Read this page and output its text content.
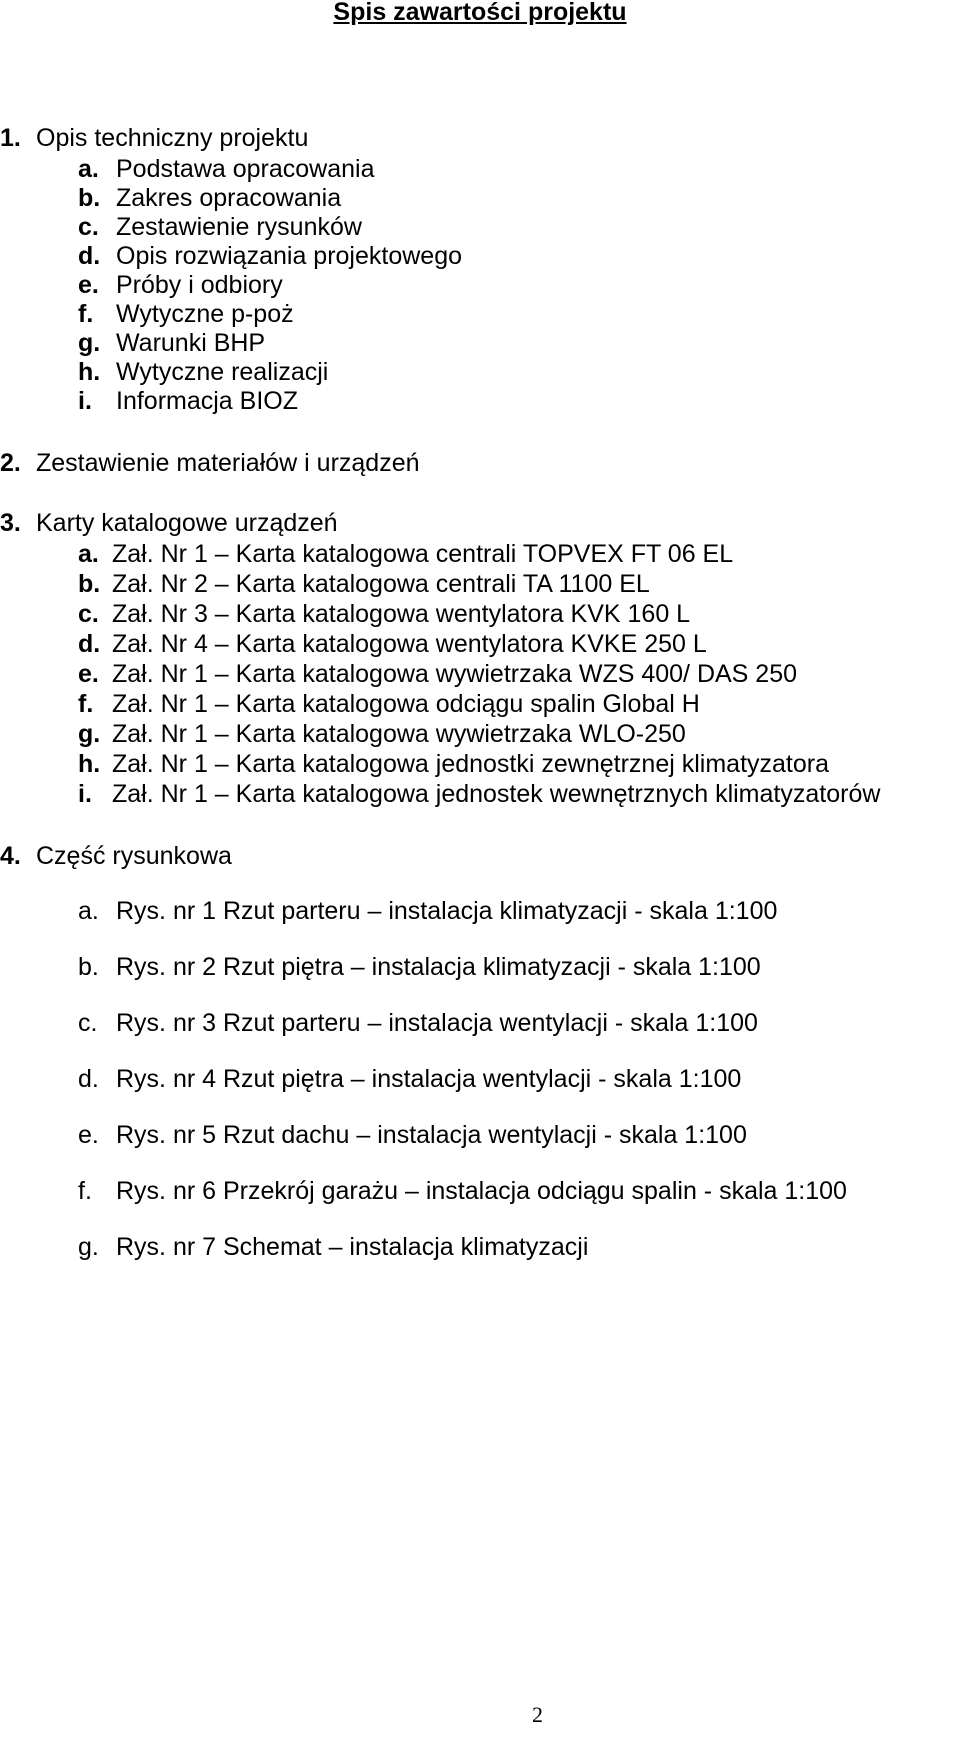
Spis zawartości projektu
1. Opis techniczny projektu
a. Podstawa opracowania
b. Zakres opracowania
c. Zestawienie rysunków
d. Opis rozwiązania projektowego
e. Próby i odbiory
f. Wytyczne p-poż
g. Warunki BHP
h. Wytyczne realizacji
i. Informacja BIOZ
2. Zestawienie materiałów i urządzeń
3. Karty katalogowe urządzeń
a. Zał. Nr 1 – Karta katalogowa centrali TOPVEX FT 06 EL
b. Zał. Nr 2 – Karta katalogowa centrali TA 1100 EL
c. Zał. Nr 3 – Karta katalogowa wentylatora KVK 160 L
d. Zał. Nr 4 – Karta katalogowa wentylatora KVKE 250 L
e. Zał. Nr 1 – Karta katalogowa wywietrzaka WZS 400/ DAS 250
f. Zał. Nr 1 – Karta katalogowa odciągu spalin Global H
g. Zał. Nr 1 – Karta katalogowa wywietrzaka WLO-250
h. Zał. Nr 1 – Karta katalogowa jednostki zewnętrznej klimatyzatora
i. Zał. Nr 1 – Karta katalogowa jednostek wewnętrznych klimatyzatorów
4. Część rysunkowa
a. Rys. nr 1 Rzut parteru – instalacja klimatyzacji - skala 1:100
b. Rys. nr 2 Rzut piętra – instalacja klimatyzacji - skala 1:100
c. Rys. nr 3 Rzut parteru – instalacja wentylacji - skala 1:100
d. Rys. nr 4 Rzut piętra – instalacja wentylacji - skala 1:100
e. Rys. nr 5 Rzut dachu – instalacja wentylacji - skala 1:100
f. Rys. nr 6 Przekrój garażu – instalacja odciągu spalin - skala 1:100
g. Rys. nr 7 Schemat – instalacja klimatyzacji
2
